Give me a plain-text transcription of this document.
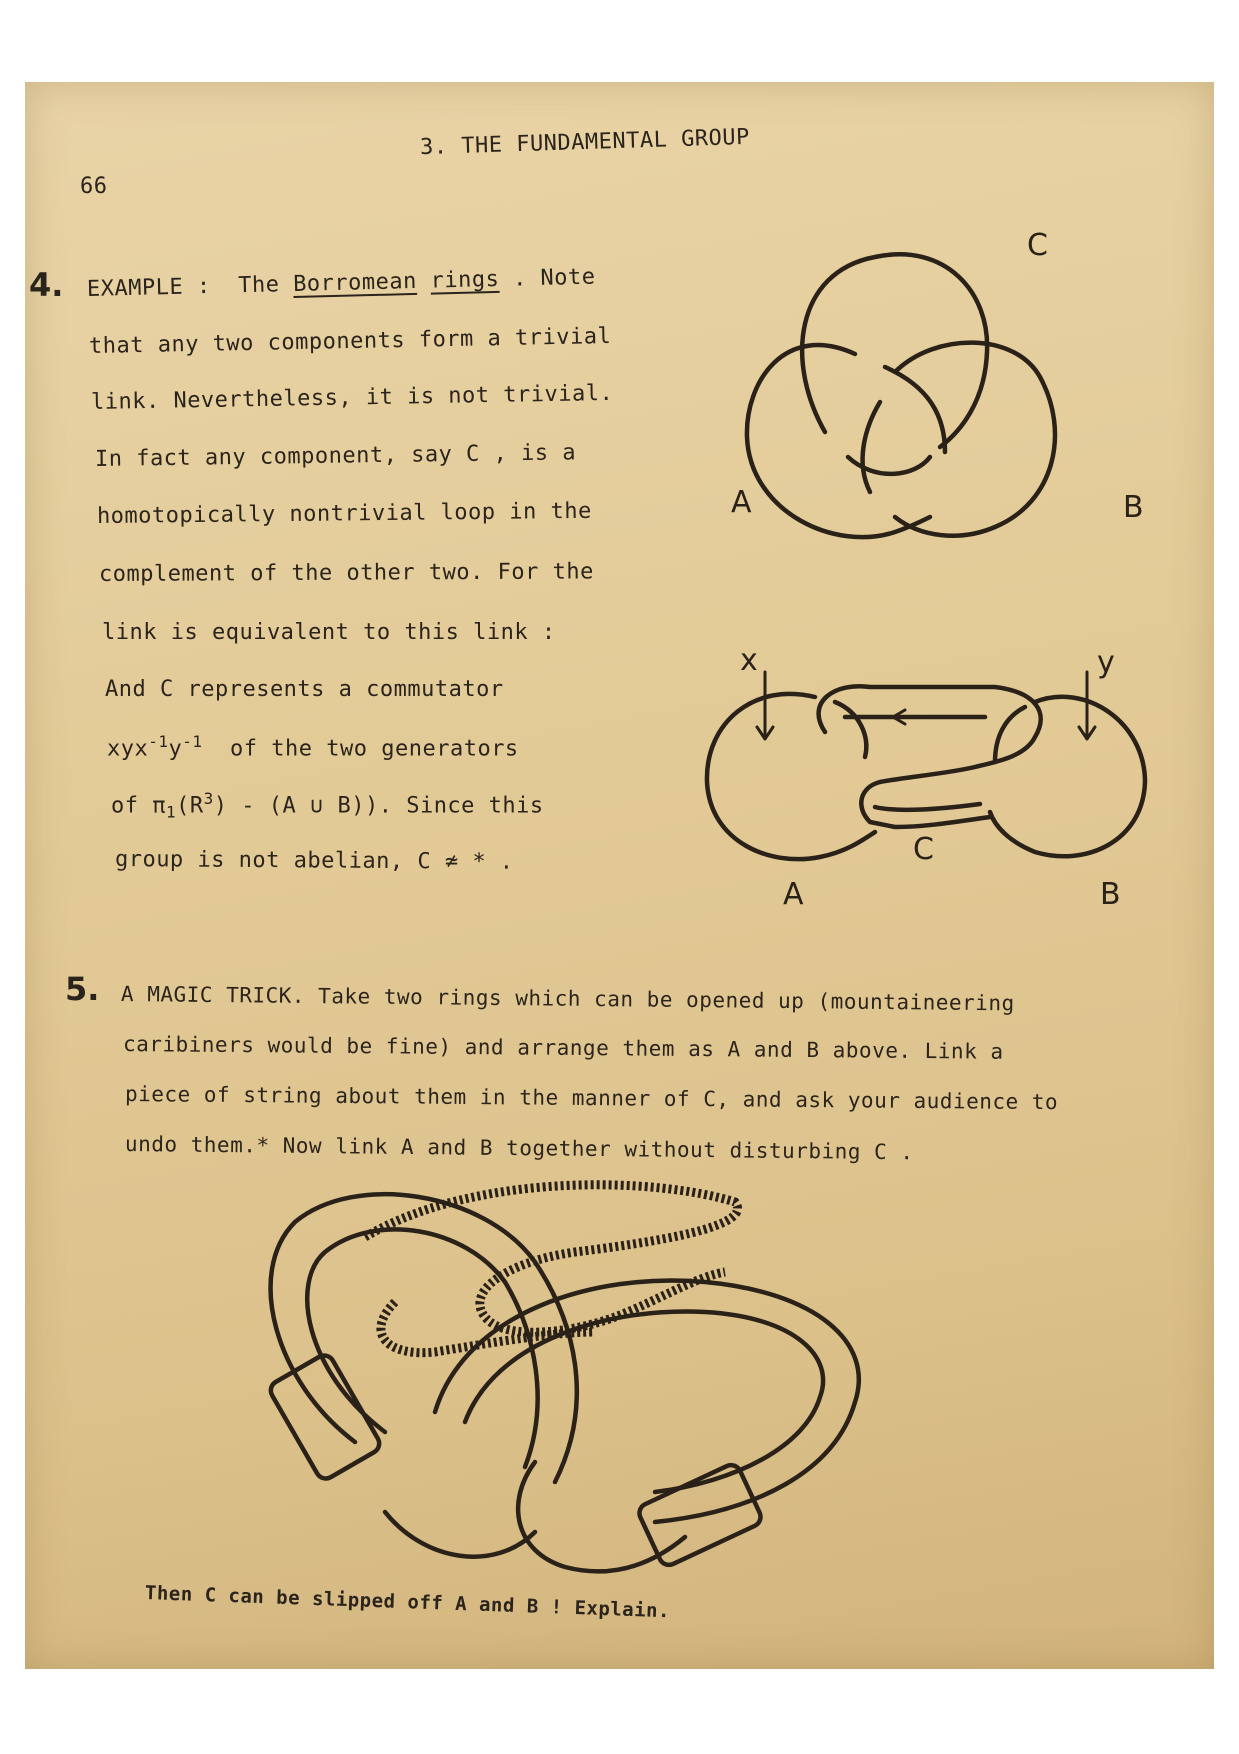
66
3. THE FUNDAMENTAL GROUP
4. EXAMPLE : The Borromean rings . Note
that any two components form a trivial
link. Nevertheless, it is not trivial.
In fact any component, say C , is a
homotopically nontrivial loop in the
complement of the other two. For the
link is equivalent to this link :
And C represents a commutator
$xyx^{-1}y^{-1}$ of the two generators
of $\pi_1(R^3) - (A$ ∪ B)). Since this
group is not abelian, C ≄ * .
C
A	B
x	y
C
A	B
5. A MAGIC TRICK. Take two rings which can be opened up (mountaineering
caribiners would be fine) and arrange them as A and B above. Link a
piece of string about them in the manner of C, and ask your audience to
undo them.* Now link A and B together without disturbing C .
Then C can be slipped off A and B ! Explain.
